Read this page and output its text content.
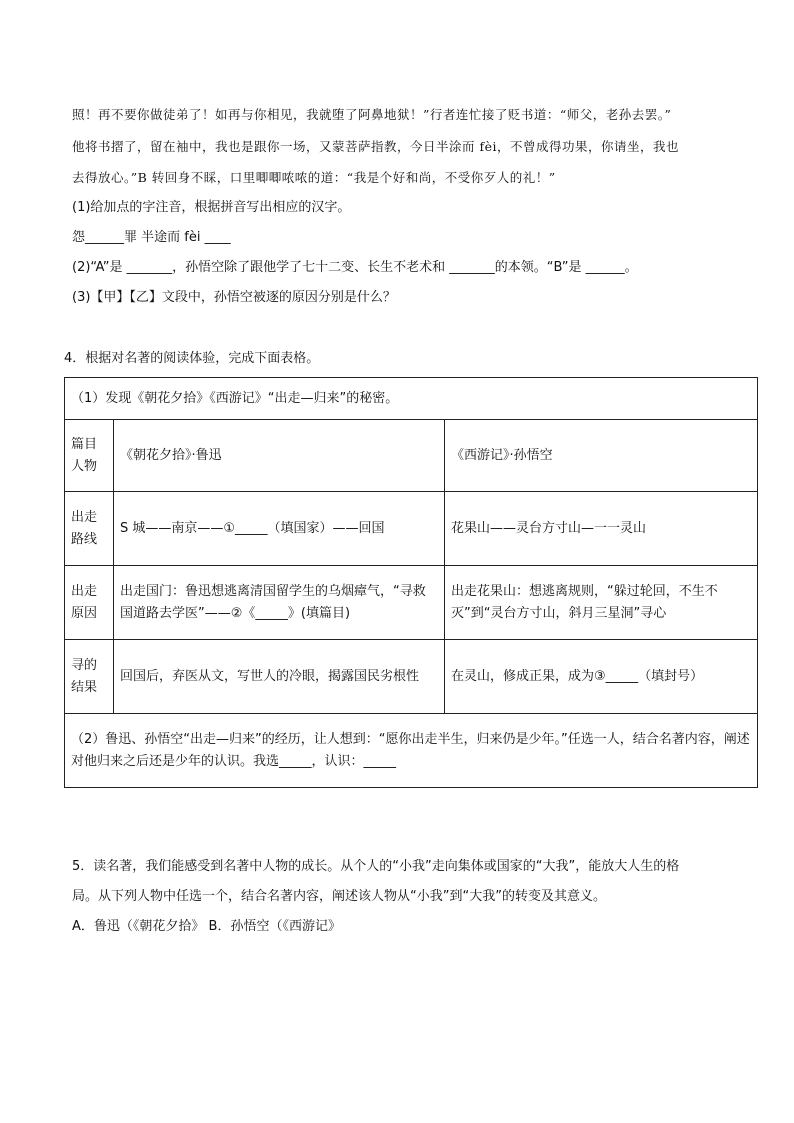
照！再不要你做徒弟了！如再与你相见，我就堕了阿鼻地狱！”行者连忙接了贬书道：“师父，老孙去罢。”
他将书摺了，留在袖中，我也是跟你一场，又蒙菩萨指教，今日半涂而 fèi，不曾成得功果，你请坐，我也
去得放心。”B 转回身不睬，口里唧唧哝哝的道：“我是个好和尚，不受你歹人的礼！”
(1)给加点的字注音，根据拼音写出相应的汉字。
怨______罪 半途而 fèi ____
(2)“A”是 _______，孙悟空除了跟他学了七十二变、长生不老术和 _______的本领。“B”是 ______。
(3)【甲】【乙】文段中，孙悟空被逐的原因分别是什么？
4．根据对名著的阅读体验，完成下面表格。
（1）发现《朝花夕拾》《西游记》“出走—归来”的秘密。		
篇目人物	《朝花夕拾》·鲁迅	《西游记》·孙悟空
出走路线	S 城——南京——①_____（填国家）——回国	花果山——灵台方寸山—一一灵山
出走原因	出走国门：鲁迅想逃离清国留学生的乌烟瘴气，“寻救国道路去学医”——②《_____》(填篇目)	出走花果山：想逃离规则，“躲过轮回，不生不灭”到“灵台方寸山，斜月三星洞”寻心
寻的结果	回国后，弃医从文，写世人的冷眼，揭露国民劣根性	在灵山，修成正果，成为③_____（填封号）
（2）鲁迅、孙悟空“出走—归来”的经历，让人想到：“愿你出走半生，归来仍是少年。”任选一人，结合名著内容，阐述对他归来之后还是少年的认识。我选_____，认识：_____		
5．读名著，我们能感受到名著中人物的成长。从个人的“小我”走向集体或国家的“大我”，能放大人生的格
局。从下列人物中任选一个，结合名著内容，阐述该人物从“小我”到“大我”的转变及其意义。
A．鲁迅（《朝花夕拾》 B．孙悟空（《西游记》
